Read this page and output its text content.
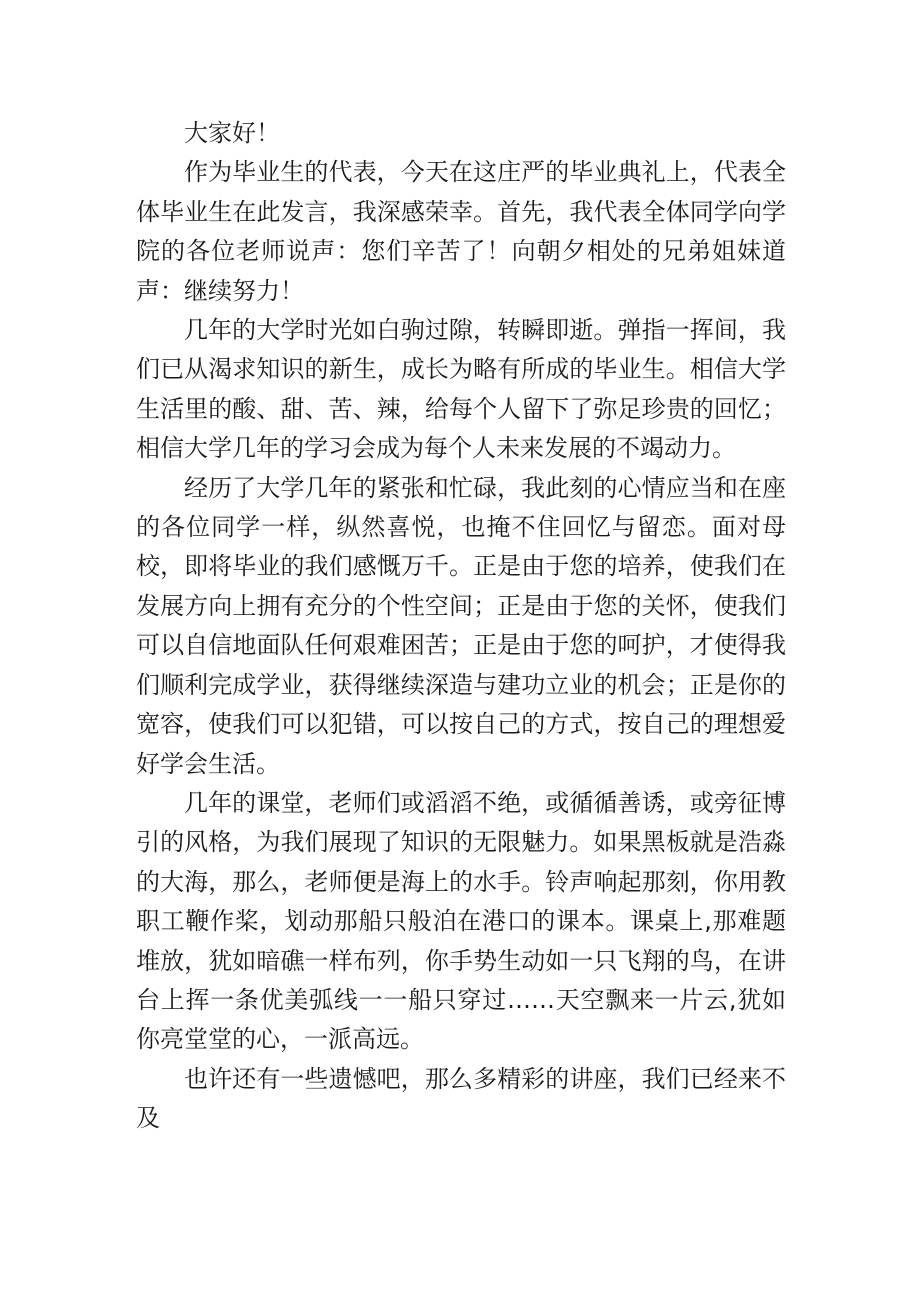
大家好！

作为毕业生的代表，今天在这庄严的毕业典礼上，代表全体毕业生在此发言，我深感荣幸。首先，我代表全体同学向学院的各位老师说声：您们辛苦了！向朝夕相处的兄弟姐妹道声：继续努力！

几年的大学时光如白驹过隙，转瞬即逝。弹指一挥间，我们已从渴求知识的新生，成长为略有所成的毕业生。相信大学生活里的酸、甜、苦、辣，给每个人留下了弥足珍贵的回忆；相信大学几年的学习会成为每个人未来发展的不竭动力。

经历了大学几年的紧张和忙碌，我此刻的心情应当和在座的各位同学一样，纵然喜悦，也掩不住回忆与留恋。面对母校，即将毕业的我们感慨万千。正是由于您的培养，使我们在发展方向上拥有充分的个性空间；正是由于您的关怀，使我们可以自信地面队任何艰难困苦；正是由于您的呵护，才使得我们顺利完成学业，获得继续深造与建功立业的机会；正是你的宽容，使我们可以犯错，可以按自己的方式，按自己的理想爱好学会生活。

几年的课堂，老师们或滔滔不绝，或循循善诱，或旁征博引的风格，为我们展现了知识的无限魅力。如果黑板就是浩淼的大海，那么，老师便是海上的水手。铃声响起那刻，你用教职工鞭作桨，划动那船只般泊在港口的课本。课桌上,那难题堆放，犹如暗礁一样布列，你手势生动如一只飞翔的鸟，在讲台上挥一条优美弧线一一船只穿过……天空飘来一片云,犹如你亮堂堂的心，一派高远。

也许还有一些遗憾吧，那么多精彩的讲座，我们已经来不及
